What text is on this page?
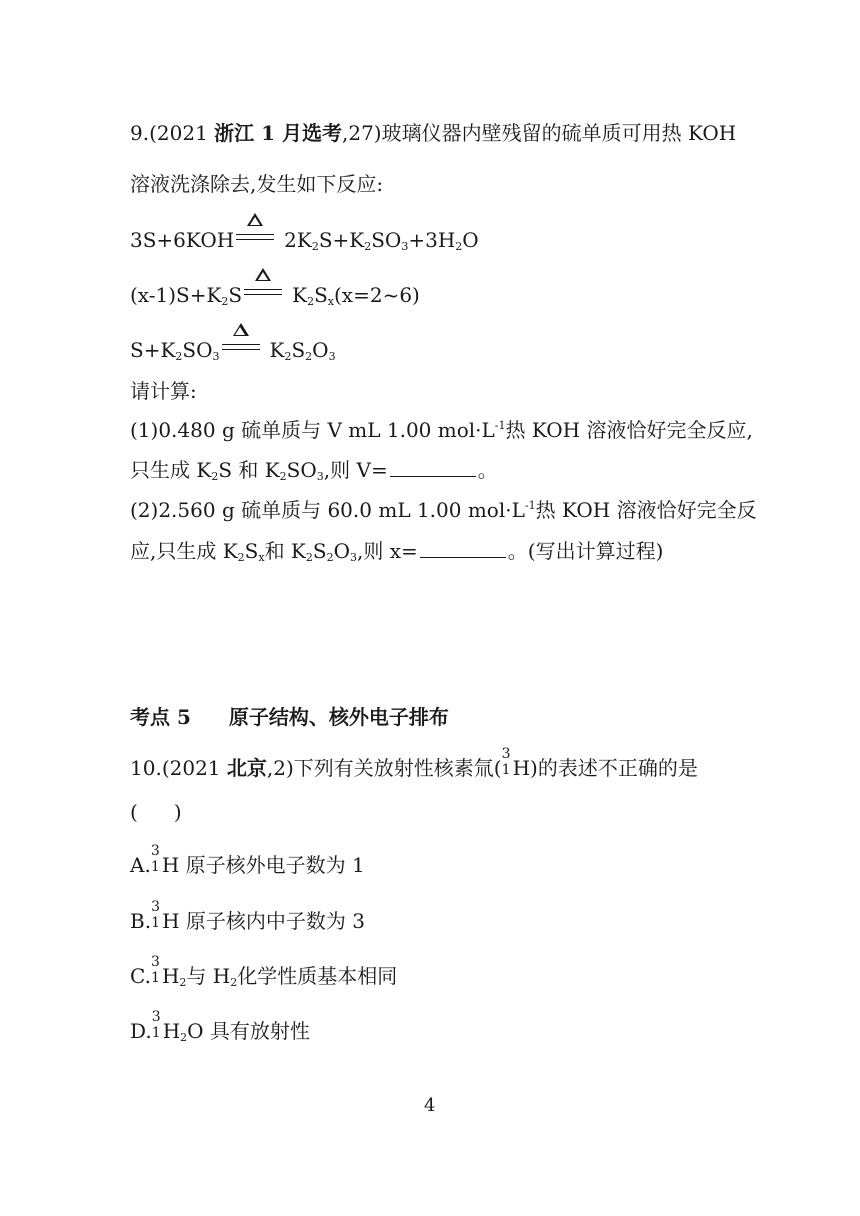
9.(2021 浙江 1 月选考,27)玻璃仪器内壁残留的硫单质可用热 KOH
溶液洗涤除去,发生如下反应:
3S+6KOH	$2K_2S+K_2SO_3+3H_2O$
$(x-1)S+K_2S$	$K_2S_x(x=2\sim 6)$
$S+K_2SO_3$	$K_2S_2O_3$
请计算:
(1)0.480 g 硫单质与 V mL 1.00 $mol\cdot L^{-1}$热 KOH 溶液恰好完全反应,
只生成 $K_2S$ 和 $K_2SO_3$,则 V=	。
(2)2.560 g 硫单质与 60.0 mL 1.00 $mol\cdot L^{-1}$热 KOH 溶液恰好完全反
应,只生成 $K_2S_x$和 $K_2S_2O_3$,则 x=	。(写出计算过程)
考点 5 原子结构、核外电子排布
10.(2021 北京,2)下列有关放射性核素氚(
3
1 H)的表述不正确的是
( )
A.
3
1 H 原子核外电子数为 1
B.
3
1 H 原子核内中子数为 3
C.
3
1 $H_2$与 $H_2$化学性质基本相同
D.
3
1 $H_2O$ 具有放射性
4
